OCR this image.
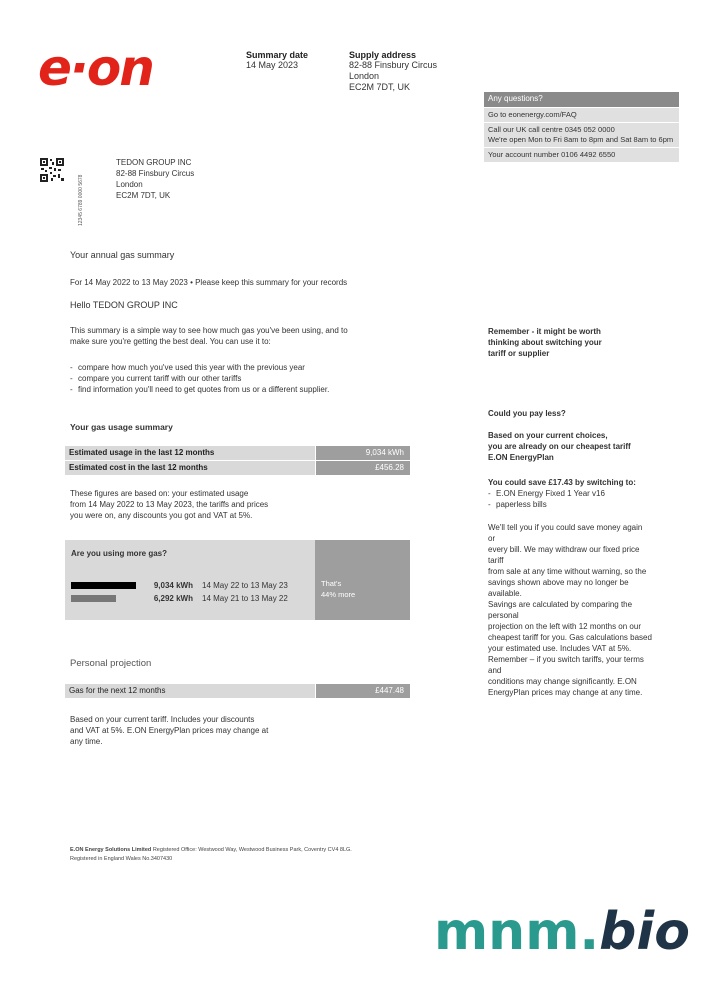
e·on	Summary date
14 May 2023
Supply address
82-88 Finsbury Circus
London
EC2M 7DT, UK
Any questions?
Go to eonenergy.com/FAQ
Call our UK call centre 0345 052 0000
We're open Mon to Fri 8am to 8pm and Sat 8am to 6pm
Your account number 0106 4492 6550
12345 6789 0000 5678
TEDON GROUP INC
82-88 Finsbury Circus
London
EC2M 7DT, UK
Your annual gas summary
For 14 May 2022 to 13 May 2023 • Please keep this summary for your records
Hello TEDON GROUP INC
This summary is a simple way to see how much gas you've been using, and to
make sure you're getting the best deal. You can use it to:
- compare how much you've used this year with the previous year
- compare you current tariff with our other tariffs
- find information you'll need to get quotes from us or a different supplier.
Your gas usage summary
Estimated usage in the last 12 months	9,034 kWh
Estimated cost in the last 12 months	£456.28
These figures are based on: your estimated usage
from 14 May 2022 to 13 May 2023, the tariffs and prices
you were on, any discounts you got and VAT at 5%.
Are you using more gas?
9,034 kWh 14 May 22 to 13 May 23
6,292 kWh 14 May 21 to 13 May 22
That's
44% more
Personal projection
Gas for the next 12 months	£447.48
Based on your current tariff. Includes your discounts
and VAT at 5%. E.ON EnergyPlan prices may change at
any time.
Remember - it might be worth
thinking about switching your
tariff or supplier
Could you pay less?
Based on your current choices,
you are already on our cheapest tariff
E.ON EnergyPlan
You could save £17.43 by switching to:
- E.ON Energy Fixed 1 Year v16
- paperless bills
We'll tell you if you could save money again
or
every bill. We may withdraw our fixed price
tariff
from sale at any time without warning, so the
savings shown above may no longer be
available.
Savings are calculated by comparing the
personal
projection on the left with 12 months on our
cheapest tariff for you. Gas calculations based
your estimated use. Includes VAT at 5%.
Remember – if you switch tariffs, your terms
and
conditions may change significantly. E.ON
EnergyPlan prices may change at any time.
E.ON Energy Solutions Limited Registered Office: Westwood Way, Westwood Business Park, Coventry CV4 8LG.
Registered in England Wales No.3407430
mnm.bio
